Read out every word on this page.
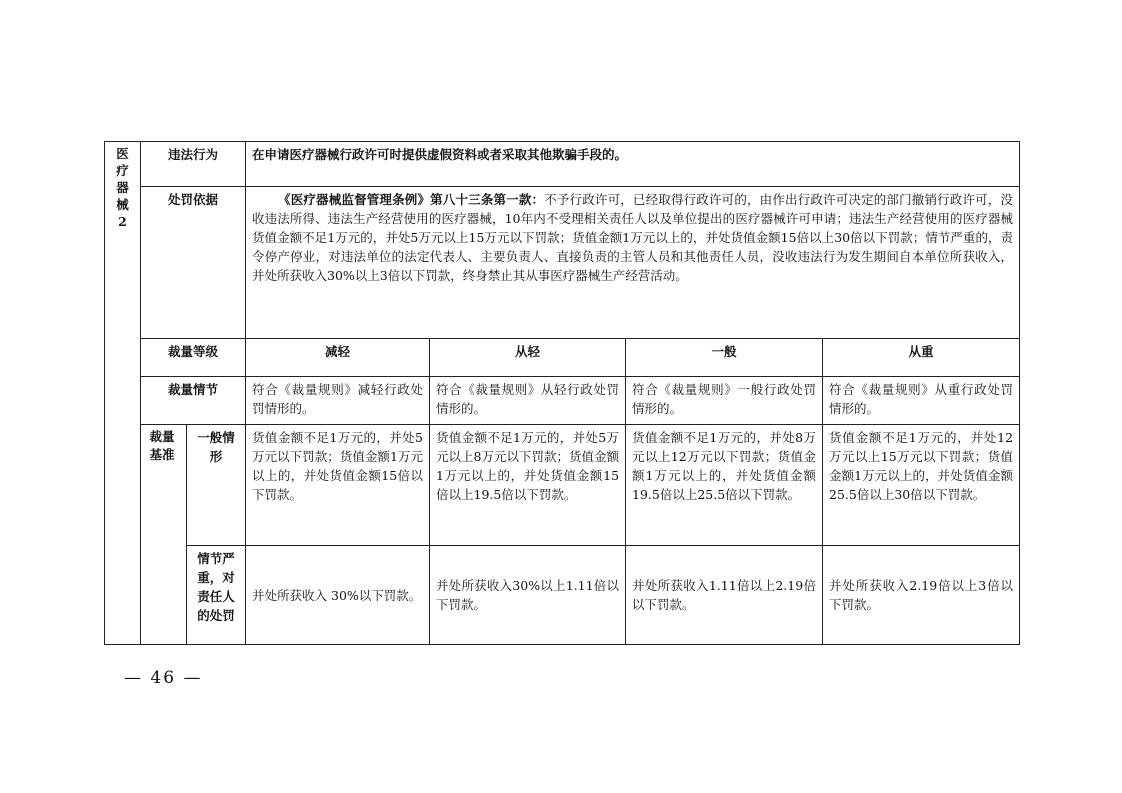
医疗器械2	违法行为		在申请医疗器械行政许可时提供虚假资料或者采取其他欺骗手段的。			
	处罚依据		《医疗器械监督管理条例》第八十三条第一款：不予行政许可，已经取得行政许可的，由作出行政许可决定的部门撤销行政许可，没收违法所得、违法生产经营使用的医疗器械，10年内不受理相关责任人以及单位提出的医疗器械许可申请；违法生产经营使用的医疗器械货值金额不足1万元的，并处5万元以上15万元以下罚款；货值金额1万元以上的，并处货值金额15倍以上30倍以下罚款；情节严重的，责令停产停业，对违法单位的法定代表人、主要负责人、直接负责的主管人员和其他责任人员，没收违法行为发生期间自本单位所获收入，并处所获收入30%以上3倍以下罚款，终身禁止其从事医疗器械生产经营活动。			

	裁量等级		减轻	从轻	一般	从重
	裁量情节		符合《裁量规则》减轻行政处罚情形的。	符合《裁量规则》从轻行政处罚情形的。	符合《裁量规则》一般行政处罚情形的。	符合《裁量规则》从重行政处罚情形的。
	裁量基准	一般情形	货值金额不足1万元的，并处5万元以下罚款；货值金额1万元以上的，并处货值金额15倍以下罚款。	货值金额不足1万元的，并处5万元以上8万元以下罚款；货值金额1万元以上的，并处货值金额15倍以上19.5倍以下罚款。	货值金额不足1万元的，并处8万元以上12万元以下罚款；货值金额1万元以上的，并处货值金额19.5倍以上25.5倍以下罚款。	货值金额不足1万元的，并处12万元以上15万元以下罚款；货值金额1万元以上的，并处货值金额25.5倍以上30倍以下罚款。
		情节严重，对责任人的处罚	并处所获收入 30%以下罚款。	并处所获收入30%以上1.11倍以下罚款。	并处所获收入1.11倍以上2.19倍以下罚款。	并处所获收入2.19倍以上3倍以下罚款。
— 46 —
